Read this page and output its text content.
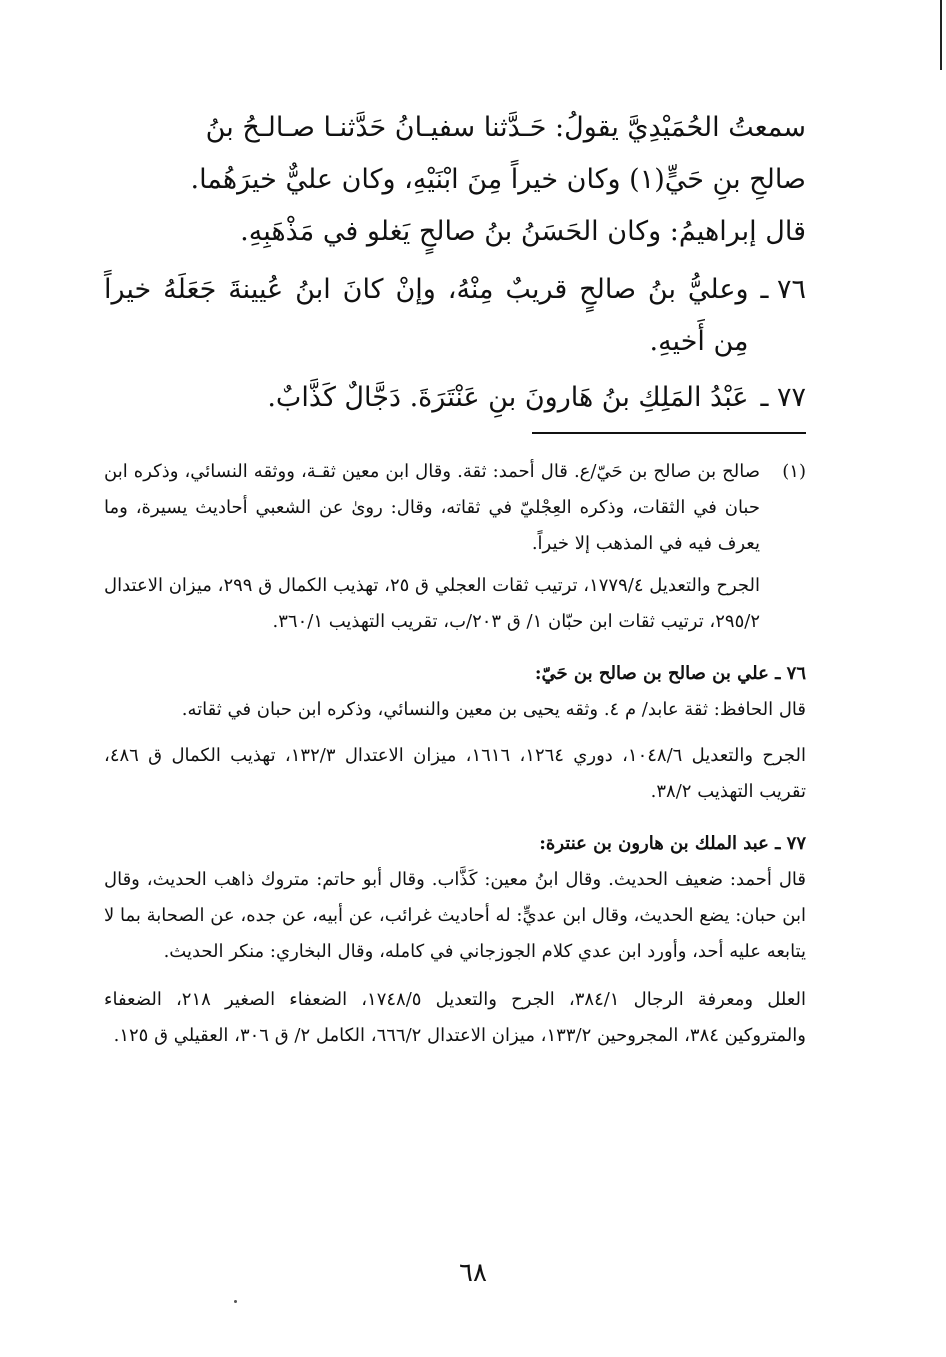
سمعتُ الحُمَيْدِيَّ يقولُ: حَـدَّثنا سفيـانُ حَدَّثنـا صـالـحُ بنُ

صالحِ بنِ حَيٍّ(١) وكان خيراً مِنَ ابْنَيْهِ، وكان عليٌّ خيرَهُما.

قال إبراهيمُ: وكان الحَسَنُ بنُ صالحٍ يَغلو في مَذْهَبِهِ.

٧٦ ـ
وعليُّ بنُ صالحٍ قريبٌ مِنْهُ، وإنْ كانَ ابنُ عُيينةَ جَعَلَهُ خيراً مِن أَخيهِ.
٧٧ ـ
عَبْدُ المَلِكِ بنُ هَارونَ بنِ عَنْتَرَةَ. دَجَّالٌ كَذَّابٌ.
(١)
صالح بن صالح بن حَيّ/ع. قال أحمد: ثقة. وقال ابن معين ثقـة، ووثقه النسائي، وذكره ابن حبان في الثقات، وذكره العِجْليّ في ثقاته، وقال: روىٰ عن الشعبي أحاديث يسيرة، وما يعرف فيه في المذهب إلا خيراً.

الجرح والتعديل ١٧٧٩/٤، ترتيب ثقات العجلي ق ٢٥، تهذيب الكمال ق ٢٩٩، ميزان الاعتدال ٢٩٥/٢، ترتيب ثقات ابن حبّان ١/ ق ٢٠٣/ب، تقريب التهذيب ٣٦٠/١.

٧٦ ـ علي بن صالح بن صالح بن حَيّ:

قال الحافظ: ثقة عابد/ م ٤. وثقه يحيى بن معين والنسائي، وذكره ابن حبان في ثقاته.

الجرح والتعديل ١٠٤٨/٦، دوري ١٢٦٤، ١٦١٦، ميزان الاعتدال ١٣٢/٣، تهذيب الكمال ق ٤٨٦، تقريب التهذيب ٣٨/٢.

٧٧ ـ عبد الملك بن هارون بن عنترة:

قال أحمد: ضعيف الحديث. وقال ابنُ معين: كَذَّاب. وقال أبو حاتم: متروك ذاهب الحديث، وقال ابن حبان: يضع الحديث، وقال ابن عديٍّ: له أحاديث غرائب، عن أبيه، عن جده، عن الصحابة بما لا يتابعه عليه أحد، وأورد ابن عدي كلام الجوزجاني في كامله، وقال البخاري: منكر الحديث.

العلل ومعرفة الرجال ٣٨٤/١، الجرح والتعديل ١٧٤٨/٥، الضعفاء الصغير ٢١٨، الضعفاء والمتروكين ٣٨٤، المجروحين ١٣٣/٢، ميزان الاعتدال ٦٦٦/٢، الكامل ٢/ ق ٣٠٦، العقيلي ق ١٢٥.

٦٨
